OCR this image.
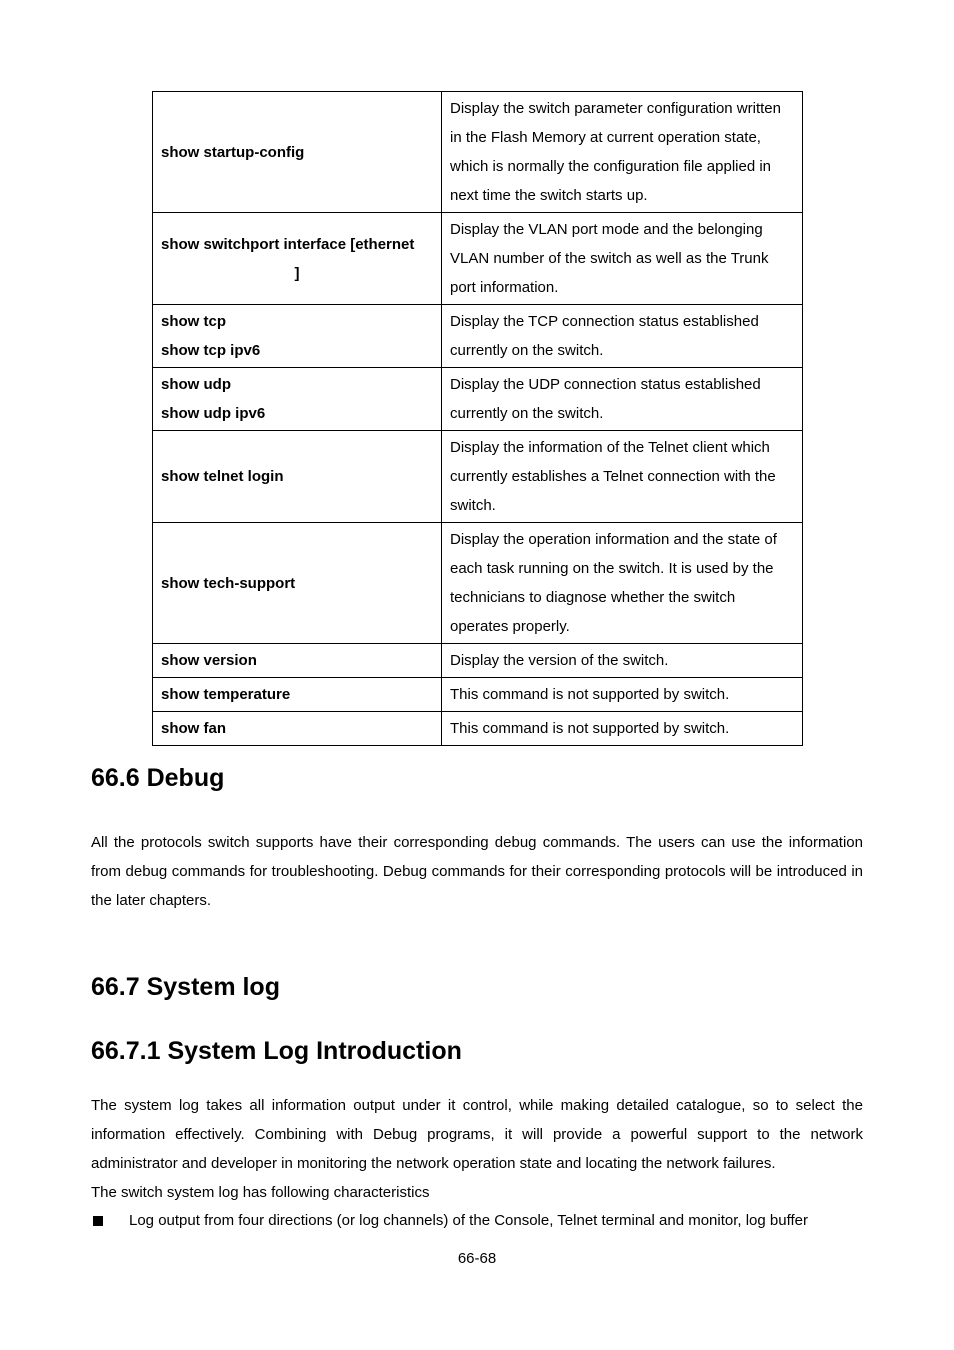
show startup-config	Display the switch parameter configuration written in the Flash Memory at current operation state, which is normally the configuration file applied in next time the switch starts up.

show switchport interface [ethernet
]	Display the VLAN port mode and the belonging VLAN number of the switch as well as the Trunk port information.

show tcp
show tcp ipv6	Display the TCP connection status established currently on the switch.

show udp
show udp ipv6	Display the UDP connection status established currently on the switch.

show telnet login	Display the information of the Telnet client which currently establishes a Telnet connection with the switch.

show tech-support	Display the operation information and the state of each task running on the switch. It is used by the technicians to diagnose whether the switch operates properly.

show version	Display the version of the switch.

show temperature	This command is not supported by switch.

show fan	This command is not supported by switch.
66.6 Debug

All the protocols switch supports have their corresponding debug commands. The users can use the information from debug commands for troubleshooting. Debug commands for their corresponding protocols will be introduced in the later chapters.

66.7 System log
66.7.1 System Log Introduction

The system log takes all information output under it control, while making detailed catalogue, so to select the information effectively. Combining with Debug programs, it will provide a powerful support to the network administrator and developer in monitoring the network operation state and locating the network failures.

The switch system log has following characteristics

Log output from four directions (or log channels) of the Console, Telnet terminal and monitor, log buffer
66-68
